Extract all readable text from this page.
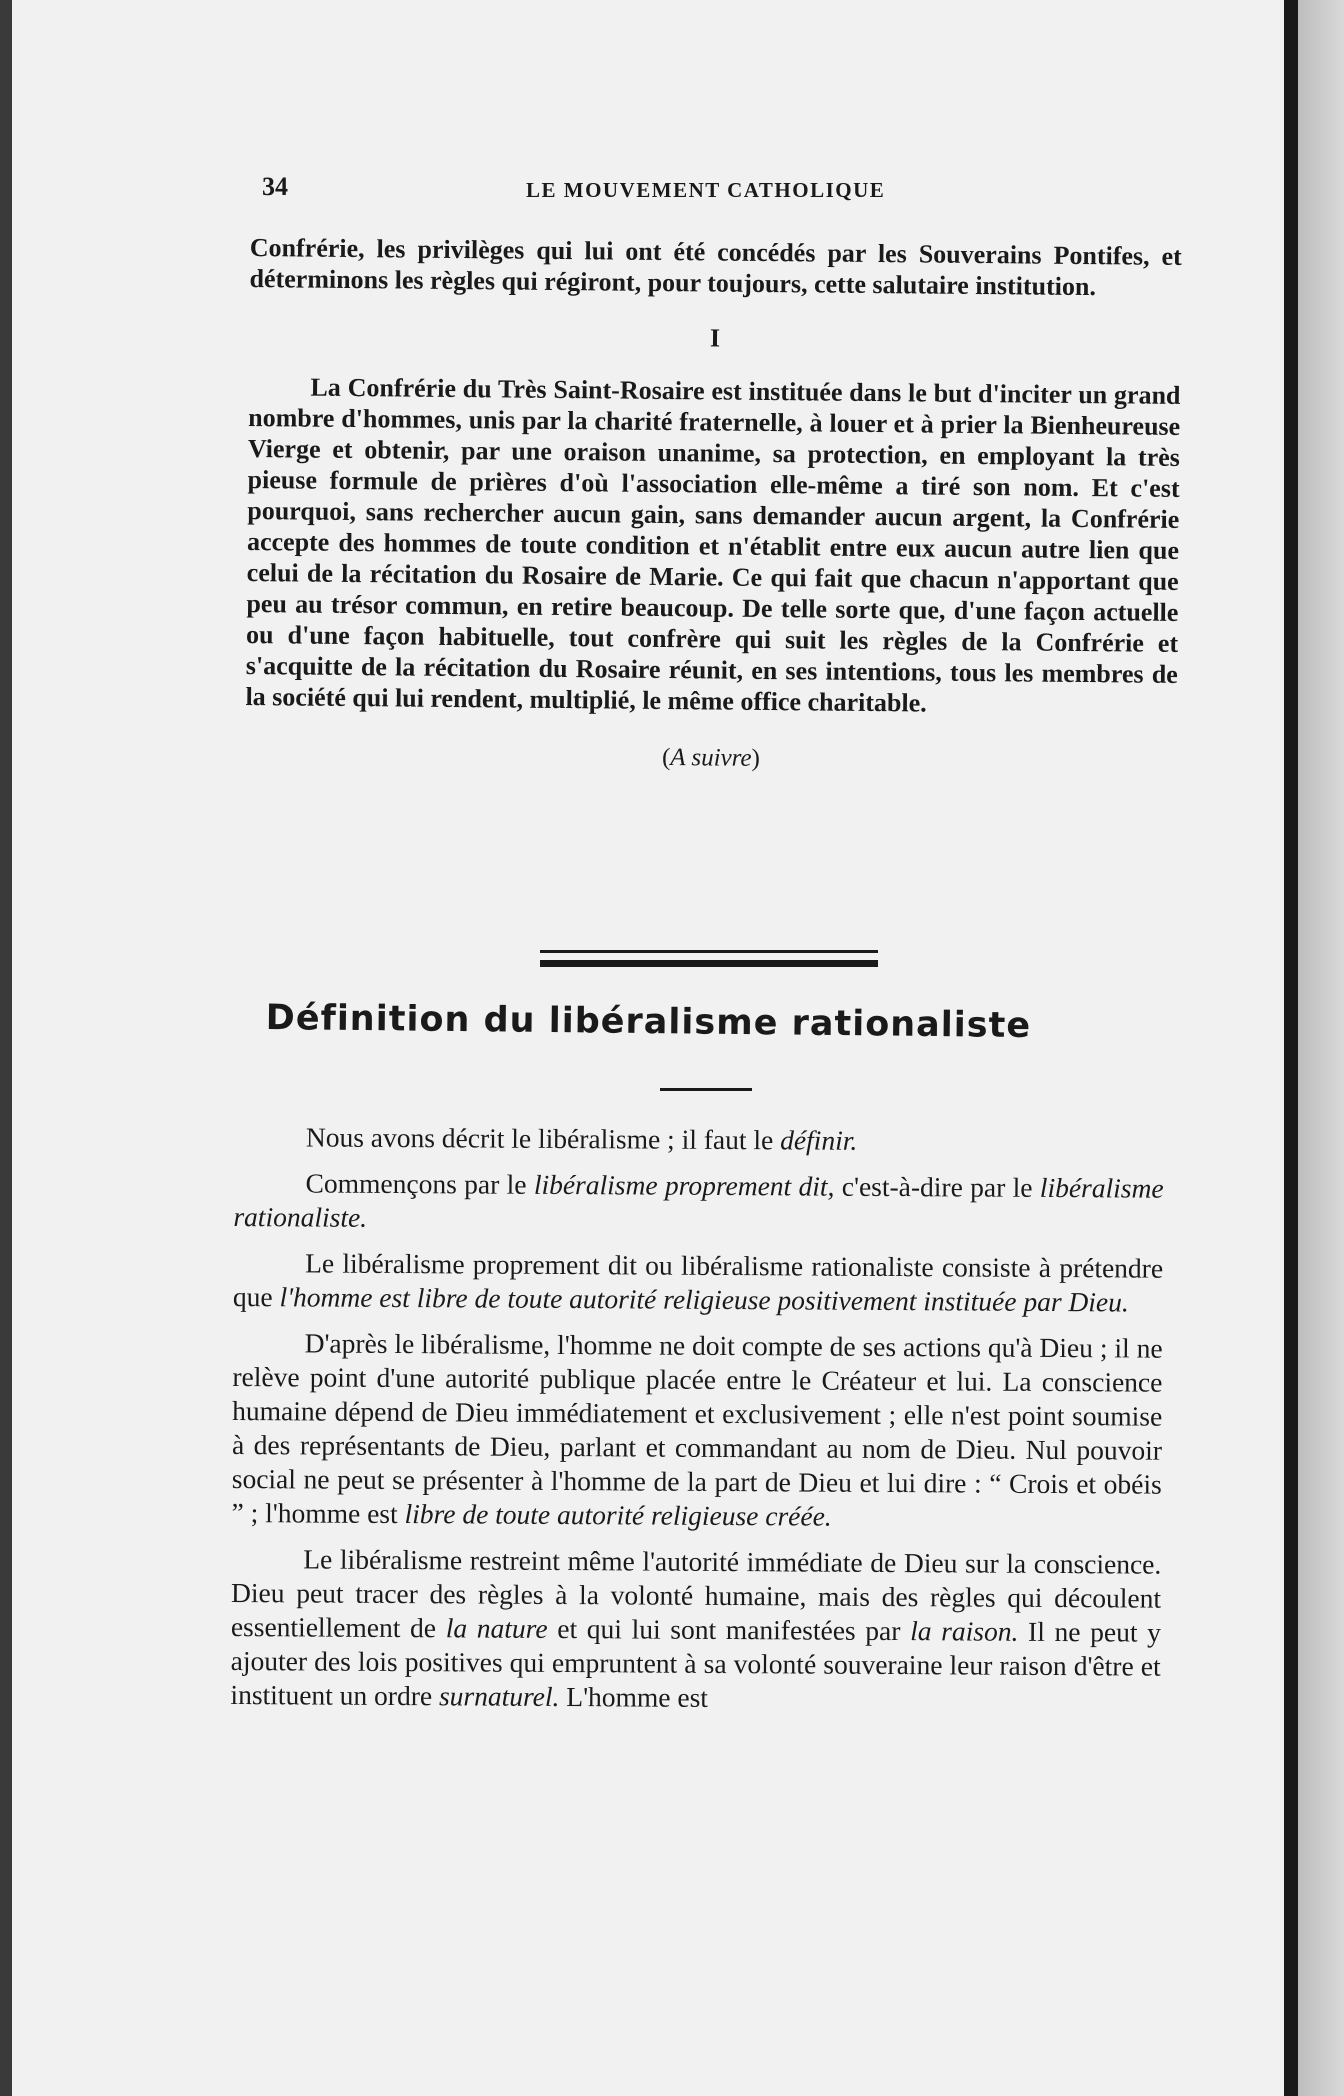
34	LE MOUVEMENT CATHOLIQUE

Confrérie, les privilèges qui lui ont été concédés par les Souverains Pontifes, et déterminons les règles qui régiront, pour toujours, cette salutaire institution.

I

La Confrérie du Très Saint-Rosaire est instituée dans le but d'inciter un grand nombre d'hommes, unis par la charité fraternelle, à louer et à prier la Bienheureuse Vierge et obtenir, par une oraison unanime, sa protection, en employant la très pieuse formule de prières d'où l'association elle-même a tiré son nom. Et c'est pourquoi, sans rechercher aucun gain, sans demander aucun argent, la Confrérie accepte des hommes de toute condition et n'établit entre eux aucun autre lien que celui de la récitation du Rosaire de Marie. Ce qui fait que chacun n'apportant que peu au trésor commun, en retire beaucoup. De telle sorte que, d'une façon actuelle ou d'une façon habituelle, tout confrère qui suit les règles de la Confrérie et s'acquitte de la récitation du Rosaire réunit, en ses intentions, tous les membres de la société qui lui rendent, multiplié, le même office charitable.

(A suivre)

Définition du libéralisme rationaliste

Nous avons décrit le libéralisme ; il faut le définir.

Commençons par le libéralisme proprement dit, c'est-à-dire par le libéralisme rationaliste.

Le libéralisme proprement dit ou libéralisme rationaliste consiste à prétendre que l'homme est libre de toute autorité religieuse positivement instituée par Dieu.

D'après le libéralisme, l'homme ne doit compte de ses actions qu'à Dieu ; il ne relève point d'une autorité publique placée entre le Créateur et lui. La conscience humaine dépend de Dieu immédiatement et exclusivement ; elle n'est point soumise à des représentants de Dieu, parlant et commandant au nom de Dieu. Nul pouvoir social ne peut se présenter à l'homme de la part de Dieu et lui dire : “ Crois et obéis ” ; l'homme est libre de toute autorité religieuse créée.

Le libéralisme restreint même l'autorité immédiate de Dieu sur la conscience. Dieu peut tracer des règles à la volonté humaine, mais des règles qui découlent essentiellement de la nature et qui lui sont manifestées par la raison. Il ne peut y ajouter des lois positives qui empruntent à sa volonté souveraine leur raison d'être et instituent un ordre surnaturel. L'homme est
